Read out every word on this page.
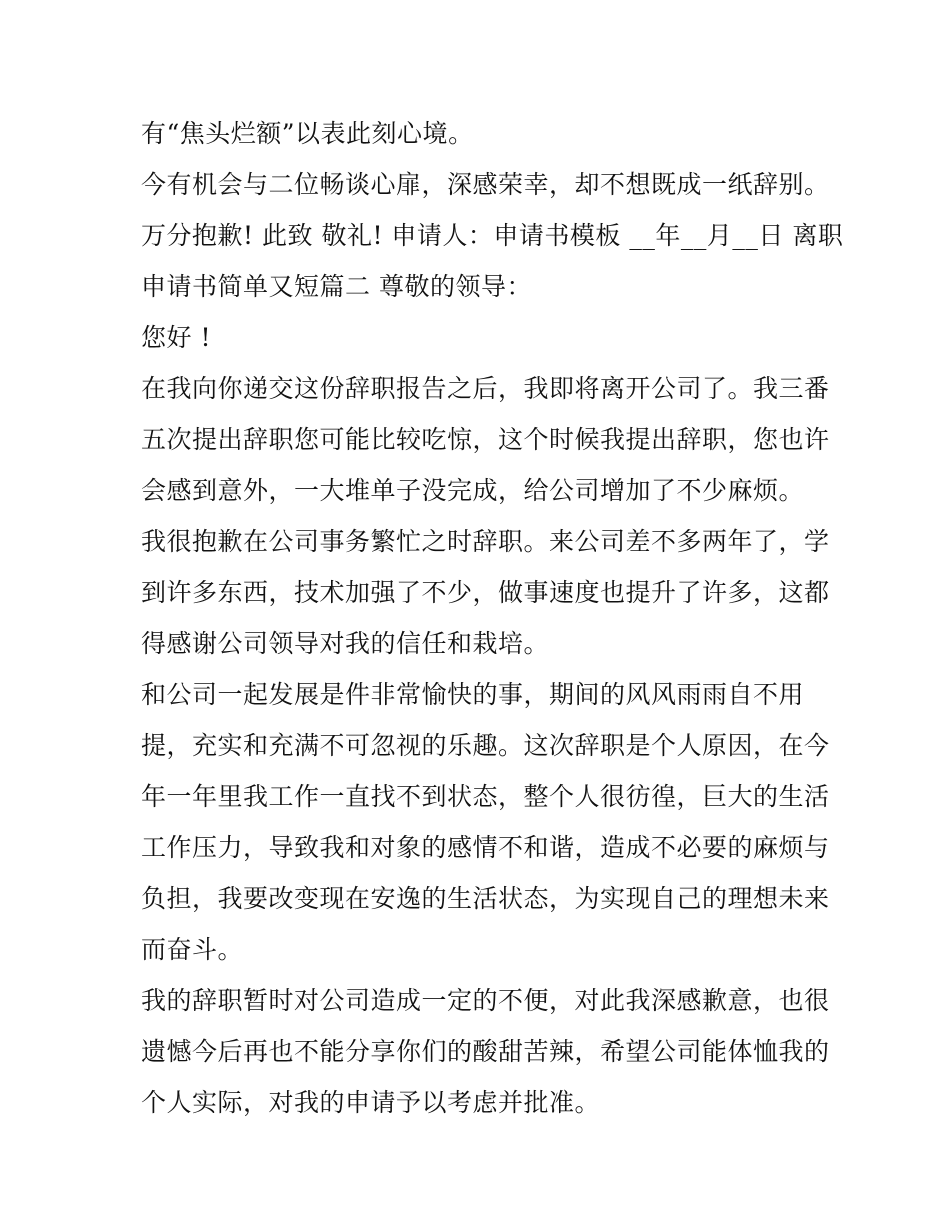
有“焦头烂额”以表此刻心境。
今有机会与二位畅谈心扉，深感荣幸，却不想既成一纸辞别。
万分抱歉! 此致 敬礼! 申请人：申请书模板 __年__月__日 离职
申请书简单又短篇二 尊敬的领导：
您好 !
在我向你递交这份辞职报告之后，我即将离开公司了。我三番
五次提出辞职您可能比较吃惊，这个时候我提出辞职，您也许
会感到意外，一大堆单子没完成，给公司增加了不少麻烦。
我很抱歉在公司事务繁忙之时辞职。来公司差不多两年了，学
到许多东西，技术加强了不少，做事速度也提升了许多，这都
得感谢公司领导对我的信任和栽培。
和公司一起发展是件非常愉快的事，期间的风风雨雨自不用
提，充实和充满不可忽视的乐趣。这次辞职是个人原因，在今
年一年里我工作一直找不到状态，整个人很彷徨，巨大的生活
工作压力，导致我和对象的感情不和谐，造成不必要的麻烦与
负担，我要改变现在安逸的生活状态，为实现自己的理想未来
而奋斗。
我的辞职暂时对公司造成一定的不便，对此我深感歉意，也很
遗憾今后再也不能分享你们的酸甜苦辣，希望公司能体恤我的
个人实际，对我的申请予以考虑并批准。
